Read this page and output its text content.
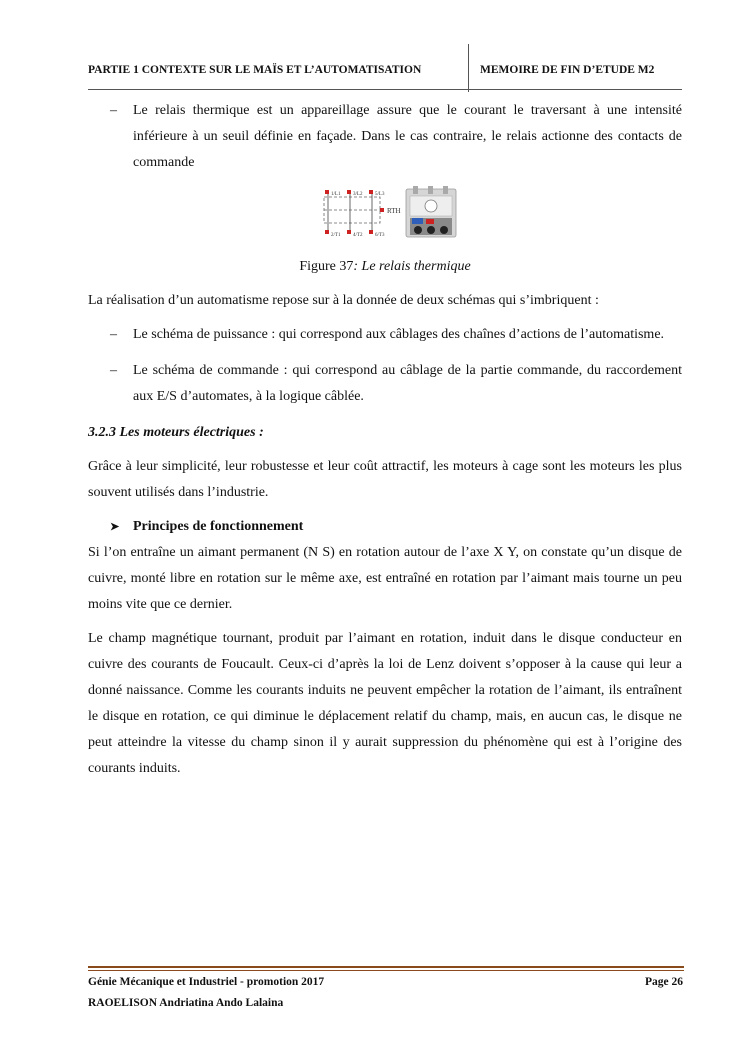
PARTIE 1 CONTEXTE SUR LE MAÏS ET L’AUTOMATISATION	MEMOIRE DE FIN D’ETUDE M2
– Le relais thermique est un appareillage assure que le courant le traversant à une intensité inférieure à un seuil définie en façade. Dans le cas contraire, le relais actionne des contacts de commande
1/L1	3/L2	5/L3
2/T1	4/T2	6/T3
RTH
Figure 37: Le relais thermique

La réalisation d’un automatisme repose sur à la donnée de deux schémas qui s’imbriquent :

– Le schéma de puissance : qui correspond aux câblages des chaînes d’actions de l’automatisme.
– Le schéma de commande : qui correspond au câblage de la partie commande, du raccordement aux E/S d’automates, à la logique câblée.
3.2.3 Les moteurs électriques :

Grâce à leur simplicité, leur robustesse et leur coût attractif, les moteurs à cage sont les moteurs les plus souvent utilisés dans l’industrie.

➤ Principes de fonctionnement

Si l’on entraîne un aimant permanent (N S) en rotation autour de l’axe X Y, on constate qu’un disque de cuivre, monté libre en rotation sur le même axe, est entraîné en rotation par l’aimant mais tourne un peu moins vite que ce dernier.

Le champ magnétique tournant, produit par l’aimant en rotation, induit dans le disque conducteur en cuivre des courants de Foucault. Ceux-ci d’après la loi de Lenz doivent s’opposer à la cause qui leur a donné naissance. Comme les courants induits ne peuvent empêcher la rotation de l’aimant, ils entraînent le disque en rotation, ce qui diminue le déplacement relatif du champ, mais, en aucun cas, le disque ne peut atteindre la vitesse du champ sinon il y aurait suppression du phénomène qui est à l’origine des courants induits.

Génie Mécanique et Industriel - promotion 2017	Page 26
RAOELISON Andriatina Ando Lalaina
